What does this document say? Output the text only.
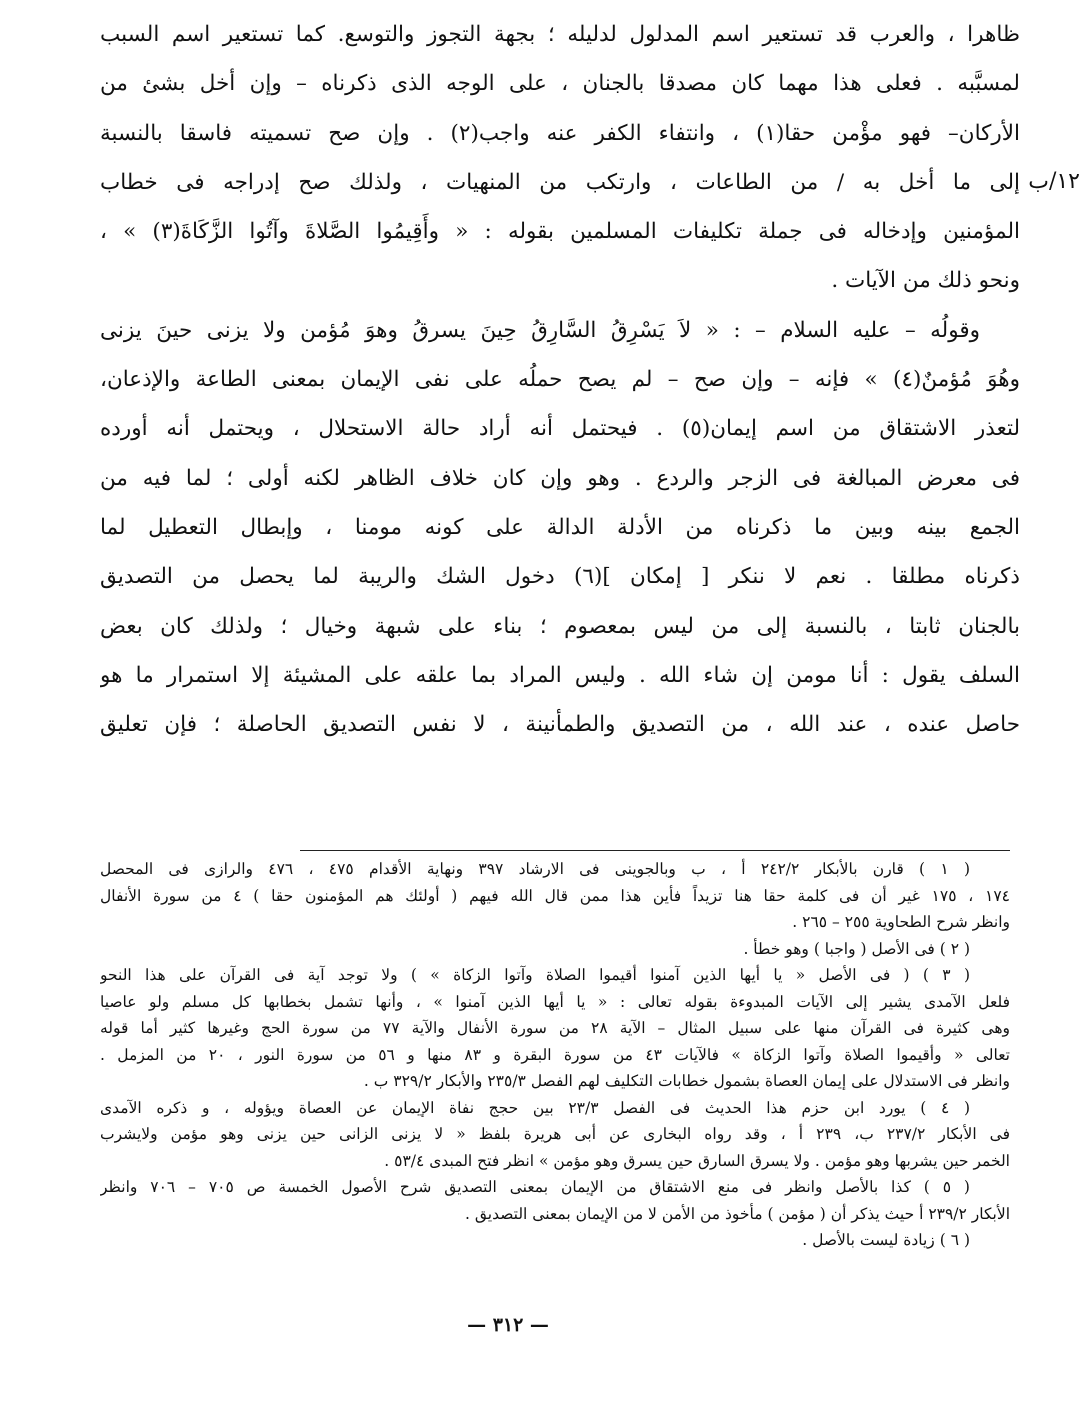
١٢/ب
ظاهرا ، والعرب قد تستعير اسم المدلول لدليله ؛ بجهة التجوز والتوسع. كما تستعير اسم السبب
لمسبَّبه . فعلى هذا مهما كان مصدقا بالجنان ، على الوجه الذى ذكرناه – وإن أخل بشئ من
الأركان– فهو مؤْمن حقا(١) ، وانتفاء الكفر عنه واجب(٢) . وإن صح تسميته فاسقا بالنسبة
إلى ما أخل به / من الطاعات ، وارتكب من المنهيات ، ولذلك صح إدراجه فى خطاب
المؤمنين وإدخاله فى جملة تكليفات المسلمين بقوله : « وأَقِيمُوا الصَّلاةَ وآتُوا الزَّكَاةَ(٣) » ،
ونحو ذلك من الآيات .
وقولُه – عليه السلام – : « لاَ يَسْرِقُ السَّارِقُ حِينَ يسرقُ وهوَ مُؤمن ولا يزنى حينَ يزنى
وهُوَ مُؤمنٌ(٤) » فإنه – وإن صح – لم يصح حملُه على نفى الإيمان بمعنى الطاعة والإذعان،
لتعذر الاشتقاق من اسم إيمان(٥) . فيحتمل أنه أراد حالة الاستحلال ، ويحتمل أنه أورده
فى معرض المبالغة فى الزجر والردع . وهو وإن كان خلاف الظاهر لكنه أولى ؛ لما فيه من
الجمع بينه وبين ما ذكرناه من الأدلة الدالة على كونه مومنا ، وإبطال التعطيل لما
ذكرناه مطلقا . نعم لا ننكر [ إمكان ](٦) دخول الشك والريبة لما يحصل من التصديق
بالجنان ثابتا ، بالنسبة إلى من ليس بمعصوم ؛ بناء على شبهة وخيال ؛ ولذلك كان بعض
السلف يقول : أنا مومن إن شاء الله . وليس المراد بما علقه على المشيئة إلا استمرار ما هو
حاصل عنده ، عند الله ، من التصديق والطمأنينة ، لا نفس التصديق الحاصلة ؛ فإن تعليق
( ١ ) قارن بالأبكار ٢٤٢/٢ أ ، ب وبالجوينى فى الارشاد ٣٩٧ ونهاية الأقدام ٤٧٥ ، ٤٧٦ والرازى فى المحصل
١٧٤ ، ١٧٥ غير أن فى كلمة حقا هنا تزيداً فأين هذا ممن قال الله فيهم ( أولئك هم المؤمنون حقا ) ٤ من سورة الأنفال
وانظر شرح الطحاوية ٢٥٥ – ٢٦٥ .
( ٢ ) فى الأصل ( واجبا ) وهو خطأ .
( ٣ ) ( فى الأصل « يا أيها الذين آمنوا أقيموا الصلاة وآتوا الزكاة » ) ولا توجد آية فى القرآن على هذا النحو
فلعل الآمدى يشير إلى الآيات المبدوءة بقوله تعالى : « يا أيها الذين آمنوا » ، وأنها تشمل بخطابها كل مسلم ولو عاصيا
وهى كثيرة فى القرآن منها على سبيل المثال – الآية ٢٨ من سورة الأنفال والآية ٧٧ من سورة الحج وغيرها كثير أما قوله
تعالى « وأقيموا الصلاة وآتوا الزكاة » فالآيات ٤٣ من سورة البقرة و ٨٣ منها و ٥٦ من سورة النور ، ٢٠ من المزمل .
وانظر فى الاستدلال على إيمان العصاة بشمول خطابات التكليف لهم الفصل ٢٣٥/٣ والأبكار ٣٢٩/٢ ب .
( ٤ ) يورد ابن حزم هذا الحديث فى الفصل ٢٣/٣ بين حجج نفاة الإيمان عن العصاة ويؤوله ، و ذكره الآمدى
فى الأبكار ٢٣٧/٢ ب، ٢٣٩ أ ، وقد رواه البخارى عن أبى هريرة بلفظ « لا يزنى الزانى حين يزنى وهو مؤمن ولايشرب
الخمر حين يشربها وهو مؤمن . ولا يسرق السارق حين يسرق وهو مؤمن » انظر فتح المبدى ٥٣/٤ .
( ٥ ) كذا بالأصل وانظر فى منع الاشتقاق من الإيمان بمعنى التصديق شرح الأصول الخمسة ص ٧٠٥ – ٧٠٦ وانظر
الأبكار ٢٣٩/٢ أ حيث يذكر أن ( مؤمن ) مأخوذ من الأمن لا من الإيمان بمعنى التصديق .
( ٦ ) زيادة ليست بالأصل .
— ٣١٢ —
